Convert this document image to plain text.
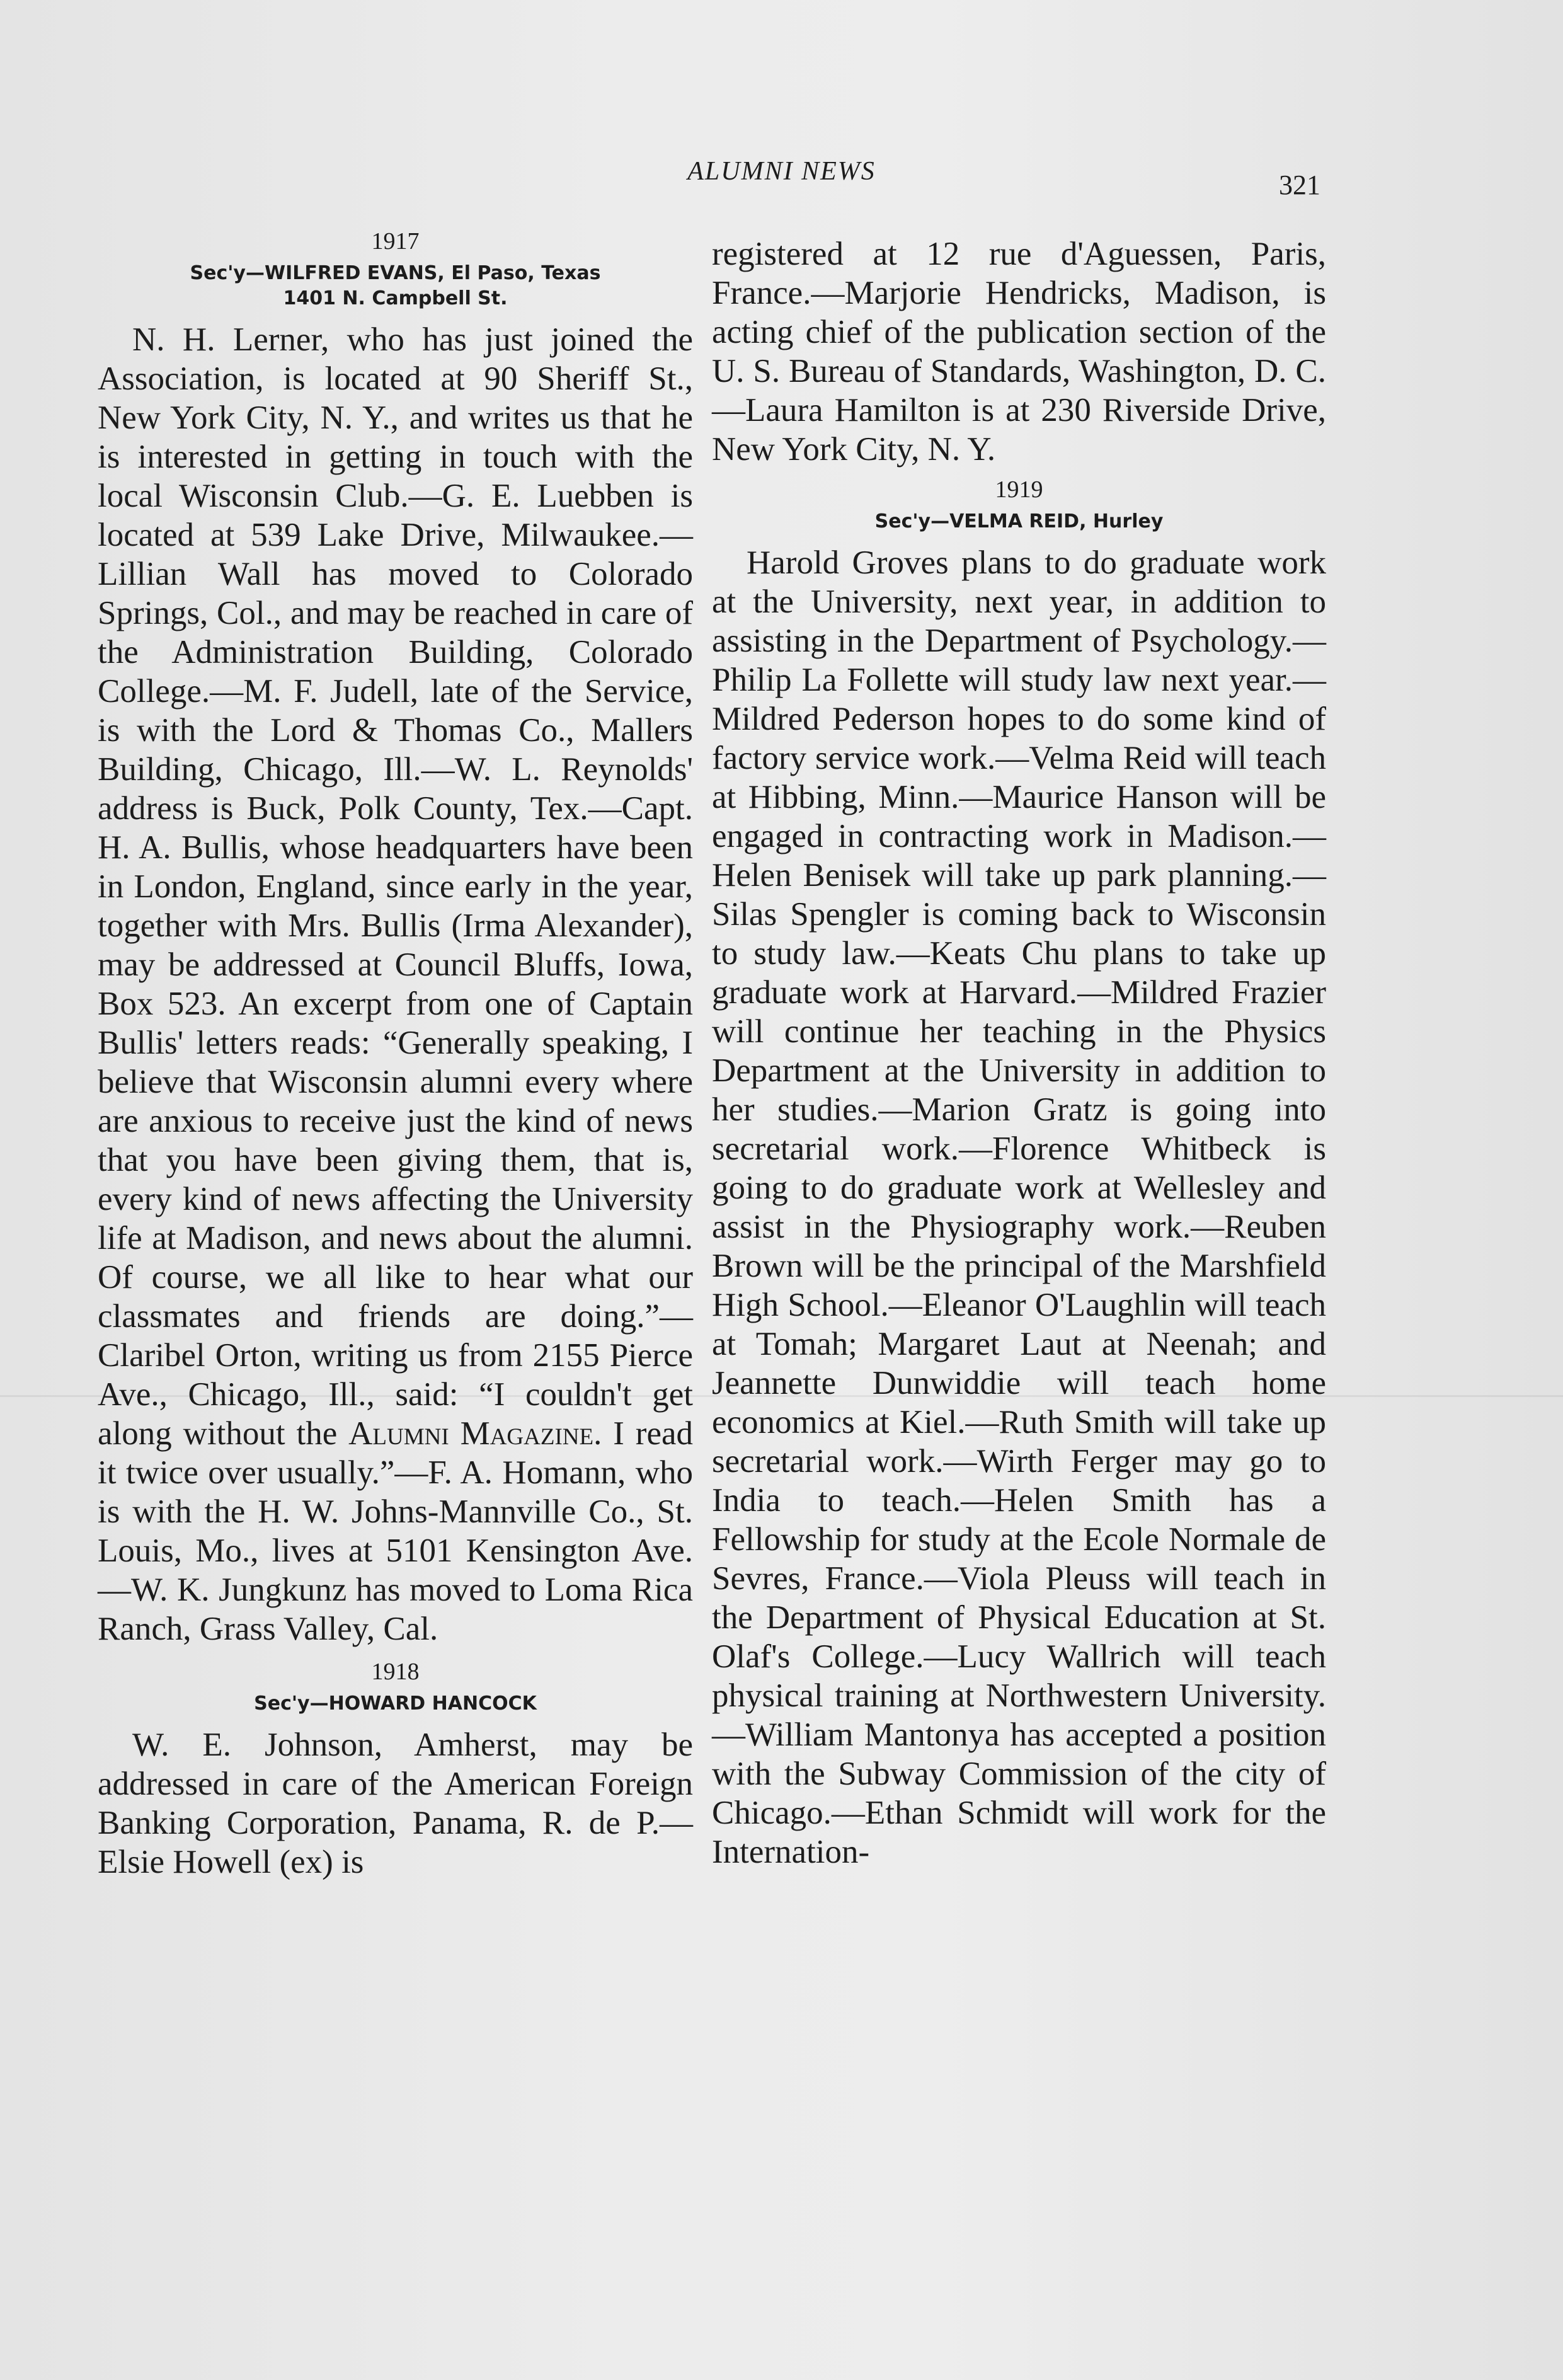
ALUMNI NEWS	321
1917
Sec'y—WILFRED EVANS, El Paso, Texas
1401 N. Campbell St.

N. H. Lerner, who has just joined the Association, is located at 90 Sheriff St., New York City, N. Y., and writes us that he is interested in getting in touch with the local Wisconsin Club.—G. E. Luebben is located at 539 Lake Drive, Milwaukee.—Lillian Wall has moved to Colorado Springs, Col., and may be reached in care of the Administration Building, Colorado College.—M. F. Judell, late of the Service, is with the Lord & Thomas Co., Mallers Building, Chicago, Ill.—W. L. Reynolds' address is Buck, Polk County, Tex.—Capt. H. A. Bullis, whose headquarters have been in London, England, since early in the year, together with Mrs. Bullis (Irma Alexander), may be addressed at Council Bluffs, Iowa, Box 523. An excerpt from one of Captain Bullis' letters reads: “Generally speaking, I believe that Wisconsin alumni every where are anxious to receive just the kind of news that you have been giving them, that is, every kind of news affecting the University life at Madison, and news about the alumni. Of course, we all like to hear what our classmates and friends are doing.”—Claribel Orton, writing us from 2155 Pierce Ave., Chicago, Ill., said: “I couldn't get along without the Alumni Magazine. I read it twice over usually.”—F. A. Homann, who is with the H. W. Johns-Mannville Co., St. Louis, Mo., lives at 5101 Kensington Ave.—W. K. Jungkunz has moved to Loma Rica Ranch, Grass Valley, Cal.

1918
Sec'y—HOWARD HANCOCK

W. E. Johnson, Amherst, may be addressed in care of the American Foreign Banking Corporation, Panama, R. de P.—Elsie Howell (ex) is

registered at 12 rue d'Aguessen, Paris, France.—Marjorie Hendricks, Madison, is acting chief of the publication section of the U. S. Bureau of Standards, Washington, D. C.—Laura Hamilton is at 230 Riverside Drive, New York City, N. Y.

1919
Sec'y—VELMA REID, Hurley

Harold Groves plans to do graduate work at the University, next year, in addition to assisting in the Department of Psychology.—Philip La Follette will study law next year.—Mildred Pederson hopes to do some kind of factory service work.—Velma Reid will teach at Hibbing, Minn.—Maurice Hanson will be engaged in contracting work in Madison.—Helen Benisek will take up park planning.—Silas Spengler is coming back to Wisconsin to study law.—Keats Chu plans to take up graduate work at Harvard.—Mildred Frazier will continue her teaching in the Physics Department at the University in addition to her studies.—Marion Gratz is going into secretarial work.—Florence Whitbeck is going to do graduate work at Wellesley and assist in the Physiography work.—Reuben Brown will be the principal of the Marshfield High School.—Eleanor O'Laughlin will teach at Tomah; Margaret Laut at Neenah; and Jeannette Dunwiddie will teach home economics at Kiel.—Ruth Smith will take up secretarial work.—Wirth Ferger may go to India to teach.—Helen Smith has a Fellowship for study at the Ecole Normale de Sevres, France.—Viola Pleuss will teach in the Department of Physical Education at St. Olaf's College.—Lucy Wallrich will teach physical training at Northwestern University.—William Mantonya has accepted a position with the Subway Commission of the city of Chicago.—Ethan Schmidt will work for the Internation-
